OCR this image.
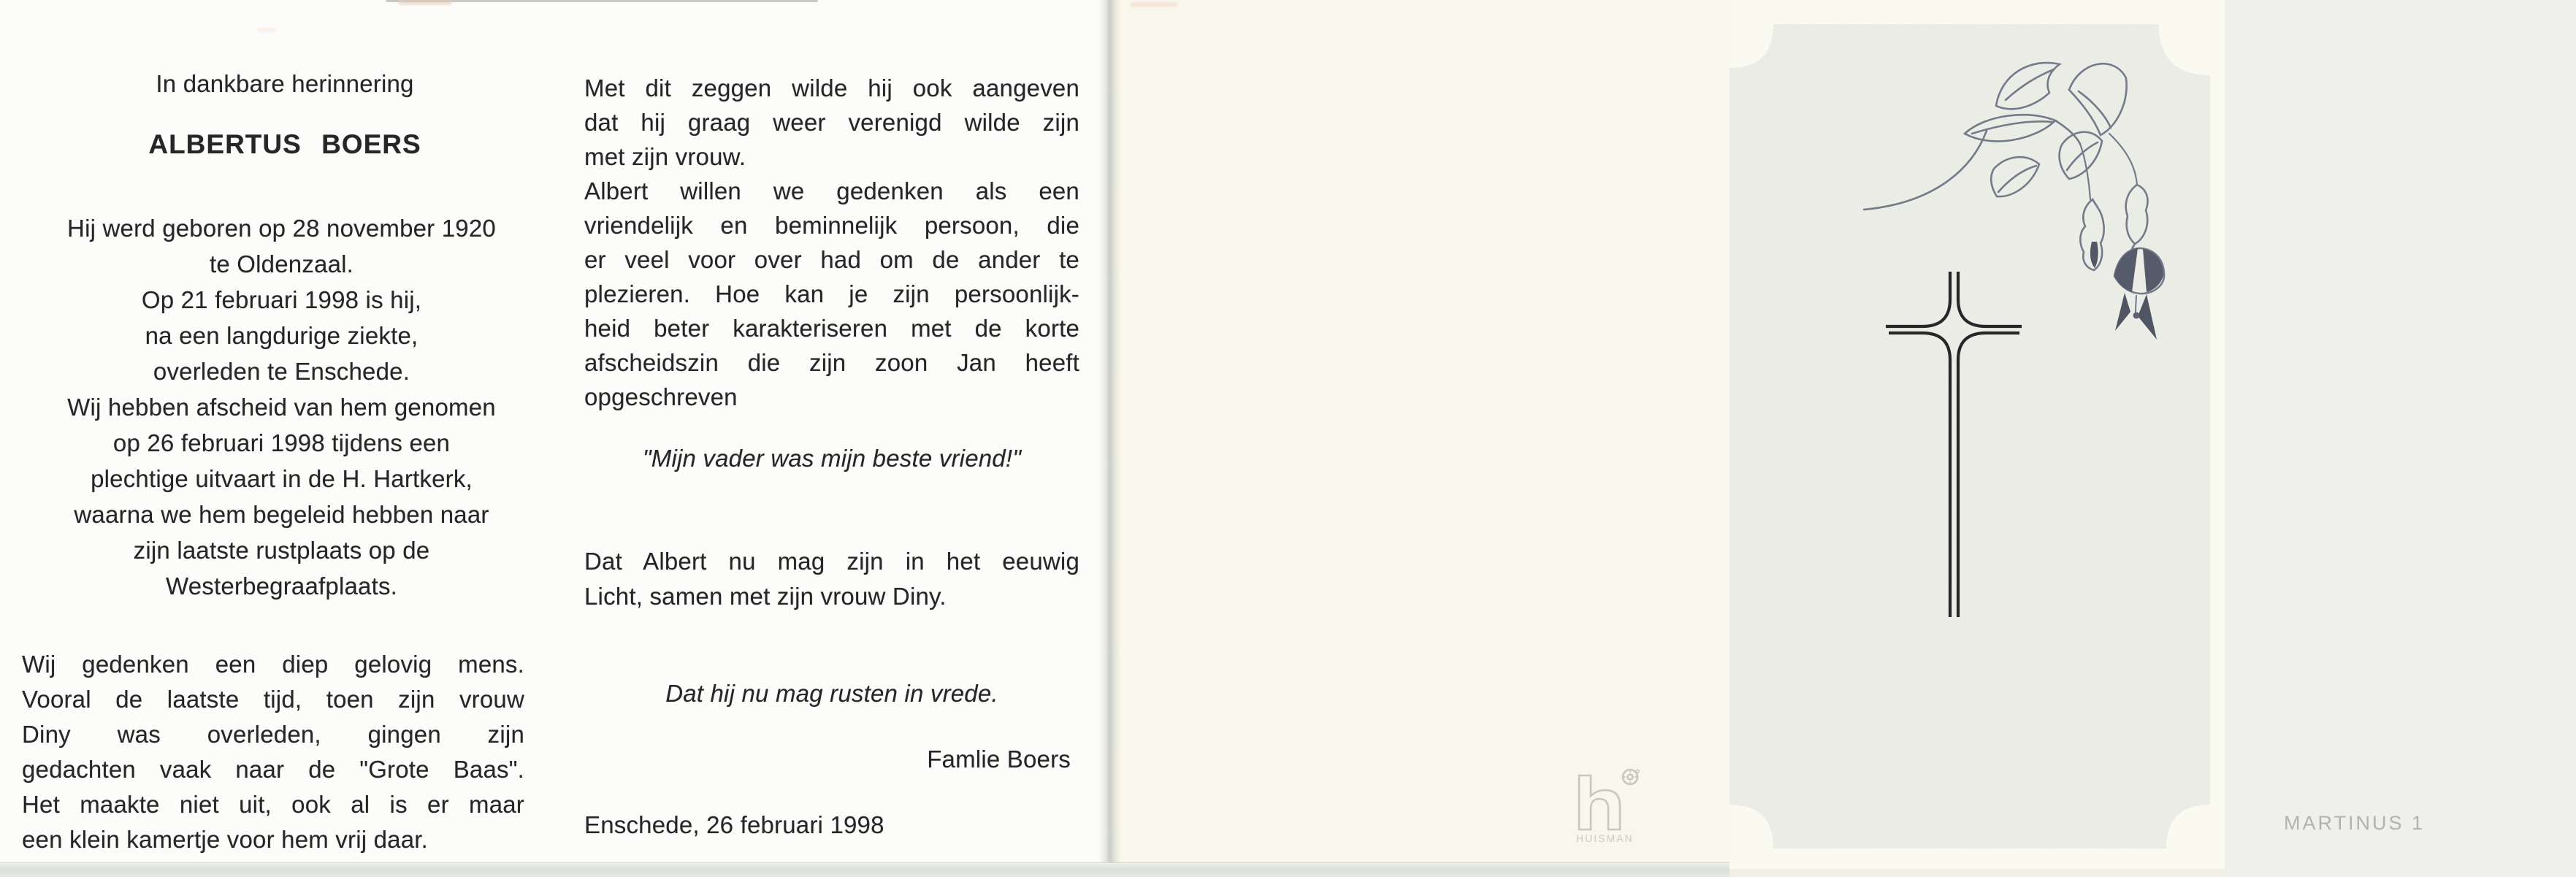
In dankbare herinnering
ALBERTUS BOERS
Hij werd geboren op 28 november 1920
te Oldenzaal.
Op 21 februari 1998 is hij,
na een langdurige ziekte,
overleden te Enschede.
Wij hebben afscheid van hem genomen
op 26 februari 1998 tijdens een
plechtige uitvaart in de H. Hartkerk,
waarna we hem begeleid hebben naar
zijn laatste rustplaats op de
Westerbegraafplaats.
Wij gedenken een diep gelovig mens.
Vooral de laatste tijd, toen zijn vrouw
Diny was overleden, gingen zijn
gedachten vaak naar de "Grote Baas".
Het maakte niet uit, ook al is er maar
een klein kamertje voor hem vrij daar.
Met dit zeggen wilde hij ook aangeven
dat hij graag weer verenigd wilde zijn
met zijn vrouw.
Albert willen we gedenken als een
vriendelijk en beminnelijk persoon, die
er veel voor over had om de ander te
plezieren. Hoe kan je zijn persoonlijk-
heid beter karakteriseren met de korte
afscheidszin die zijn zoon Jan heeft
opgeschreven
"Mijn vader was mijn beste vriend!"
Dat Albert nu mag zijn in het eeuwig
Licht, samen met zijn vrouw Diny.
Dat hij nu mag rusten in vrede.
Famlie Boers
Enschede, 26 februari 1998	MARTINUS 1
HUISMAN
